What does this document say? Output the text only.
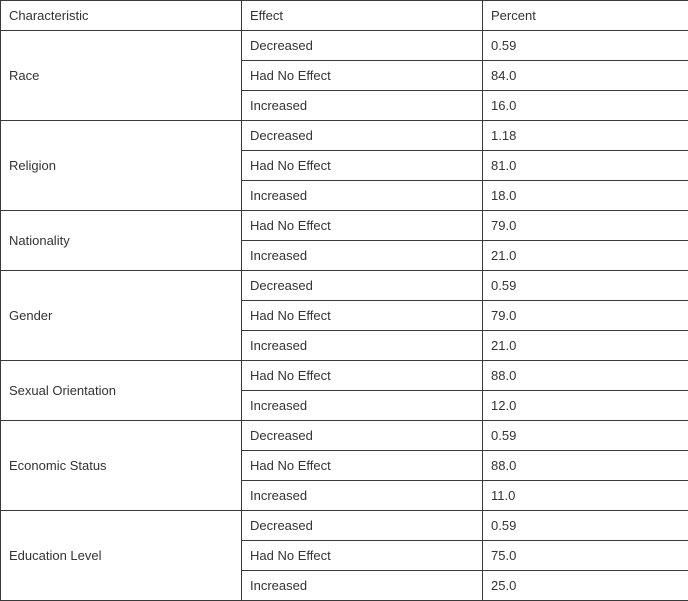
Characteristic	Effect	Percent
Race	Decreased	0.59
	Had No Effect	84.0
	Increased	16.0
Religion	Decreased	1.18
	Had No Effect	81.0
	Increased	18.0
Nationality	Had No Effect	79.0
	Increased	21.0
Gender	Decreased	0.59
	Had No Effect	79.0
	Increased	21.0
Sexual Orientation	Had No Effect	88.0
	Increased	12.0
Economic Status	Decreased	0.59
	Had No Effect	88.0
	Increased	11.0
Education Level	Decreased	0.59
	Had No Effect	75.0
	Increased	25.0
